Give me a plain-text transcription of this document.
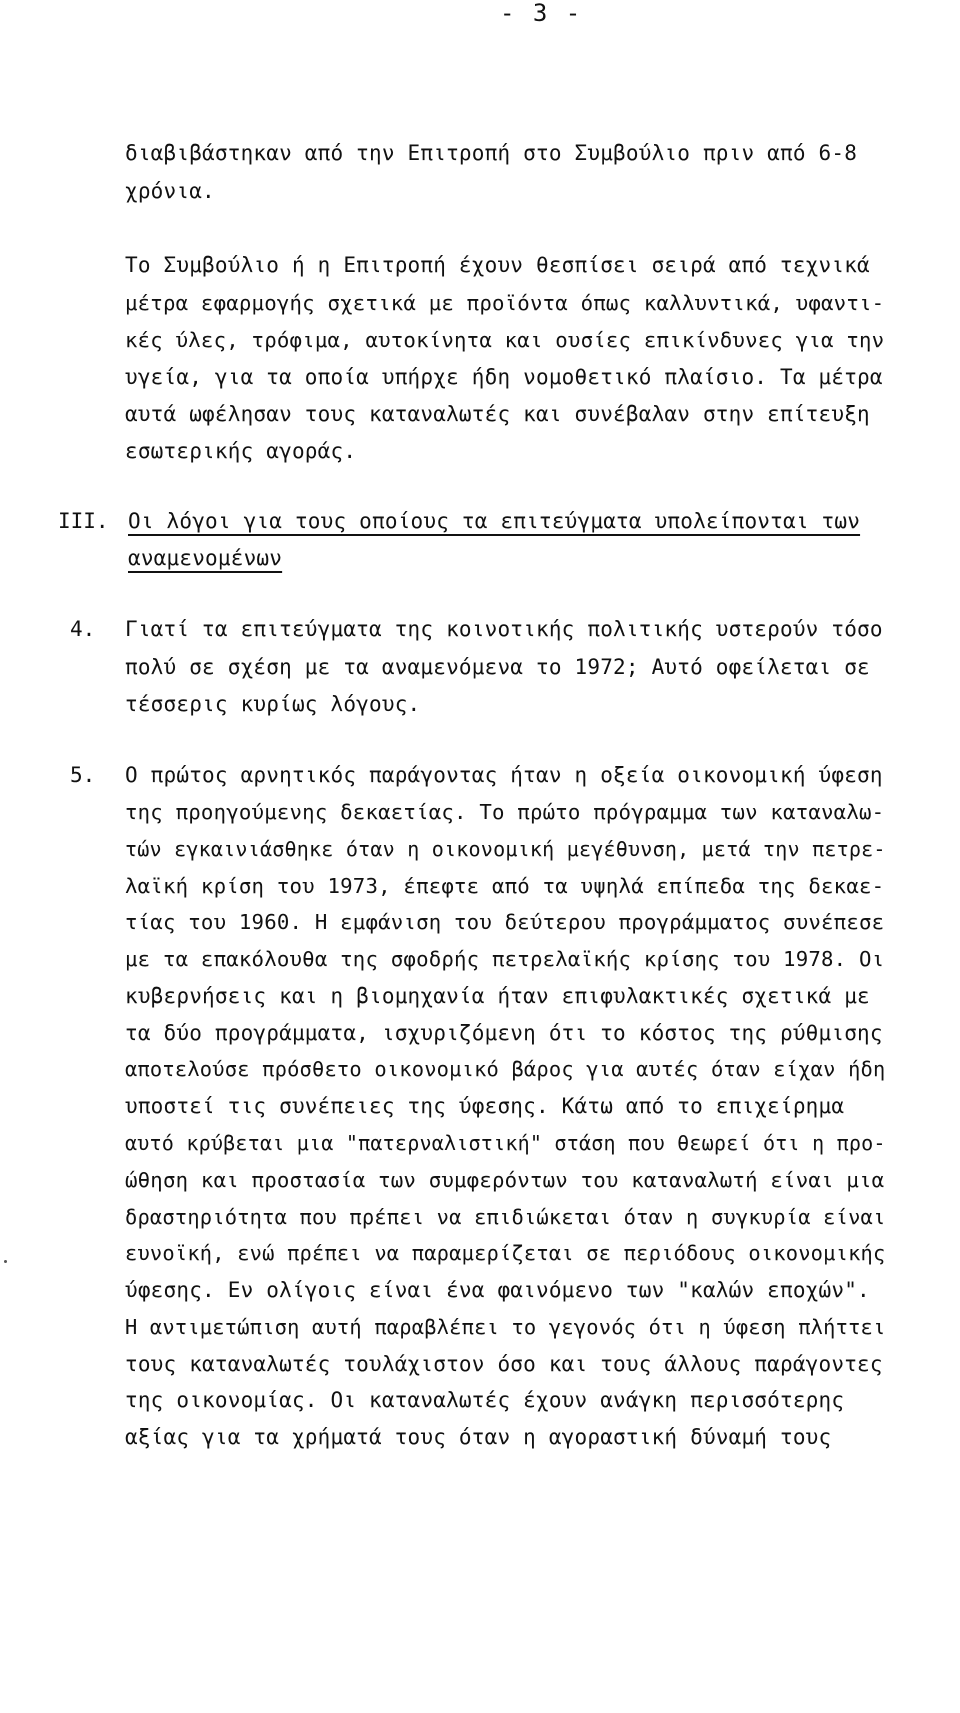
- 3 -
διαβιβάστηκαν από την Επιτροπή στο Συμβούλιο πριν από 6-8
χρόνια.
Το Συμβούλιο ή η Επιτροπή έχουν θεσπίσει σειρά από τεχνικά
μέτρα εφαρμογής σχετικά με προϊόντα όπως καλλυντικά, υφαντι-
κές ύλες, τρόφιμα, αυτοκίνητα και ουσίες επικίνδυνες για την
υγεία, για τα οποία υπήρχε ήδη νομοθετικό πλαίσιο. Τα μέτρα
αυτά ωφέλησαν τους καταναλωτές και συνέβαλαν στην επίτευξη
εσωτερικής αγοράς.
III. Οι λόγοι για τους οποίους τα επιτεύγματα υπολείπονται των
αναμενομένων
4. Γιατί τα επιτεύγματα της κοινοτικής πολιτικής υστερούν τόσο
πολύ σε σχέση με τα αναμενόμενα το 1972; Αυτό οφείλεται σε
τέσσερις κυρίως λόγους.
5. Ο πρώτος αρνητικός παράγοντας ήταν η οξεία οικονομική ύφεση
της προηγούμενης δεκαετίας. Το πρώτο πρόγραμμα των καταναλω-
τών εγκαινιάσθηκε όταν η οικονομική μεγέθυνση, μετά την πετρε-
λαϊκή κρίση του 1973, έπεφτε από τα υψηλά επίπεδα της δεκαε-
τίας του 1960. Η εμφάνιση του δεύτερου προγράμματος συνέπεσε
με τα επακόλουθα της σφοδρής πετρελαϊκής κρίσης του 1978. Οι
κυβερνήσεις και η βιομηχανία ήταν επιφυλακτικές σχετικά με
τα δύο προγράμματα, ισχυριζόμενη ότι το κόστος της ρύθμισης
αποτελούσε πρόσθετο οικονομικό βάρος για αυτές όταν είχαν ήδη
υποστεί τις συνέπειες της ύφεσης. Κάτω από το επιχείρημα
αυτό κρύβεται μια "πατερναλιστική" στάση που θεωρεί ότι η προ-
ώθηση και προστασία των συμφερόντων του καταναλωτή είναι μια
δραστηριότητα που πρέπει να επιδιώκεται όταν η συγκυρία είναι
ευνοϊκή, ενώ πρέπει να παραμερίζεται σε περιόδους οικονομικής
ύφεσης. Εν ολίγοις είναι ένα φαινόμενο των "καλών εποχών".
Η αντιμετώπιση αυτή παραβλέπει το γεγονός ότι η ύφεση πλήττει
τους καταναλωτές τουλάχιστον όσο και τους άλλους παράγοντες
της οικονομίας. Οι καταναλωτές έχουν ανάγκη περισσότερης
αξίας για τα χρήματά τους όταν η αγοραστική δύναμή τους
